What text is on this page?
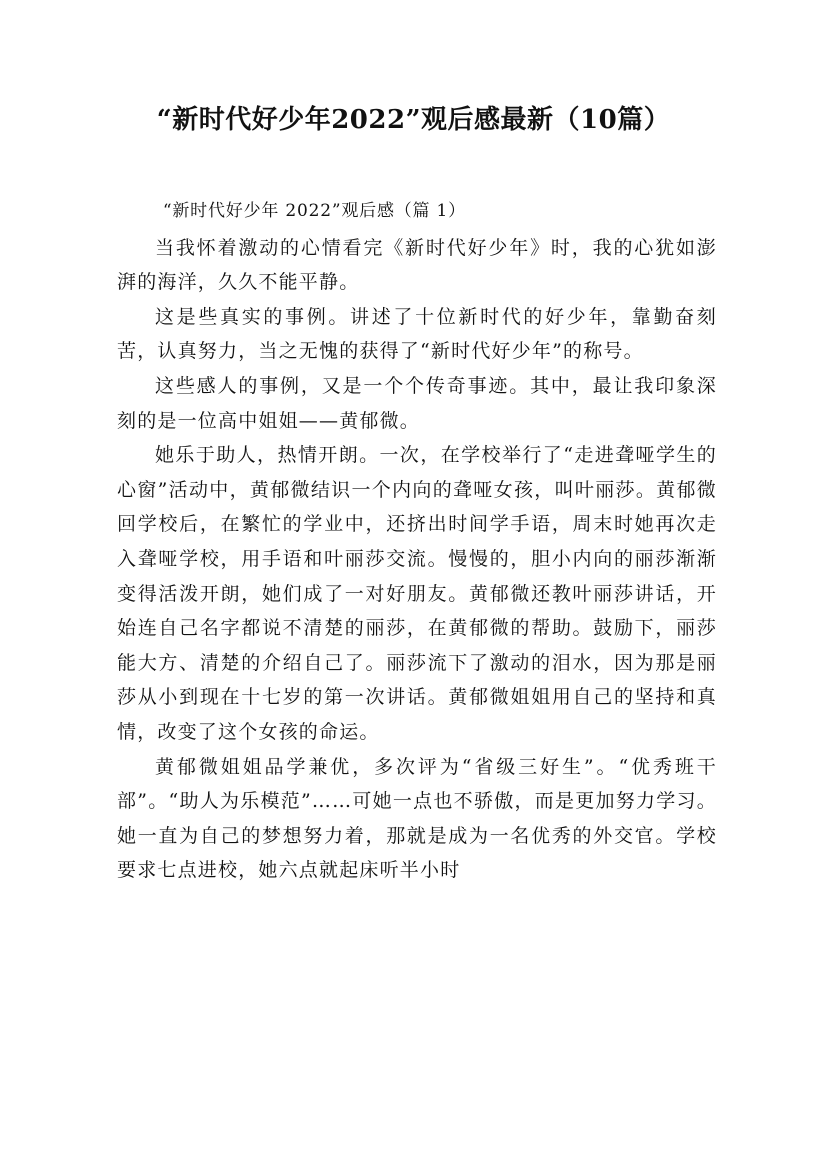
“新时代好少年2022”观后感最新（10篇）

“新时代好少年 2022”观后感（篇 1）

当我怀着激动的心情看完《新时代好少年》时，我的心犹如澎湃的海洋，久久不能平静。

这是些真实的事例。讲述了十位新时代的好少年，靠勤奋刻苦，认真努力，当之无愧的获得了“新时代好少年”的称号。

这些感人的事例，又是一个个传奇事迹。其中，最让我印象深刻的是一位高中姐姐——黄郁微。

她乐于助人，热情开朗。一次，在学校举行了“走进聋哑学生的心窗”活动中，黄郁微结识一个内向的聋哑女孩，叫叶丽莎。黄郁微回学校后，在繁忙的学业中，还挤出时间学手语，周末时她再次走入聋哑学校，用手语和叶丽莎交流。慢慢的，胆小内向的丽莎渐渐变得活泼开朗，她们成了一对好朋友。黄郁微还教叶丽莎讲话，开始连自己名字都说不清楚的丽莎，在黄郁微的帮助。鼓励下，丽莎能大方、清楚的介绍自己了。丽莎流下了激动的泪水，因为那是丽莎从小到现在十七岁的第一次讲话。黄郁微姐姐用自己的坚持和真情，改变了这个女孩的命运。

黄郁微姐姐品学兼优，多次评为“省级三好生”。“优秀班干部”。“助人为乐模范”……可她一点也不骄傲，而是更加努力学习。她一直为自己的梦想努力着，那就是成为一名优秀的外交官。学校要求七点进校，她六点就起床听半小时
